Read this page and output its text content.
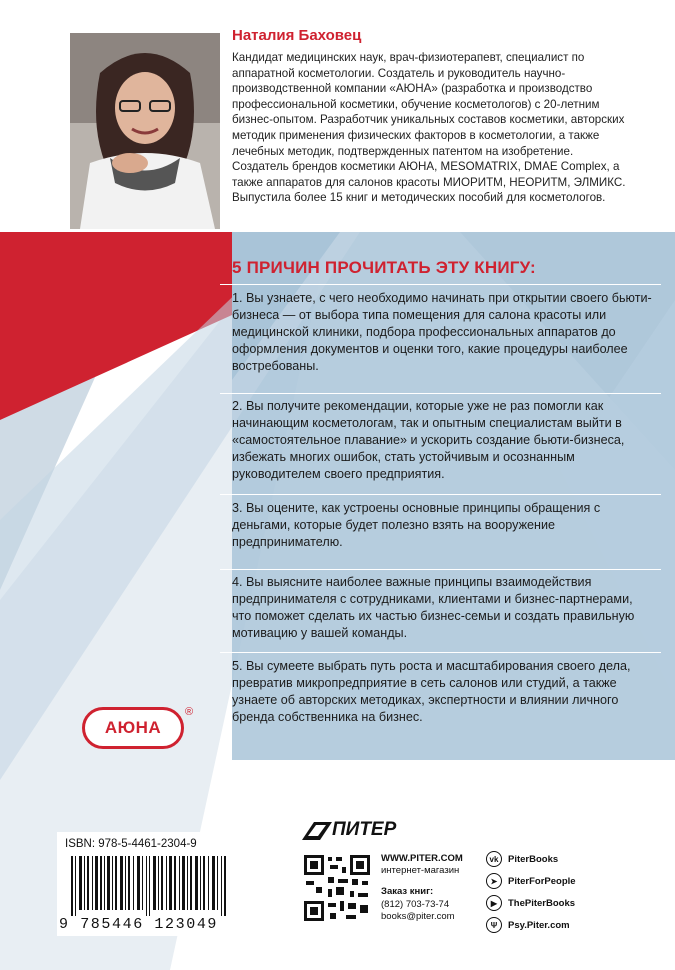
Наталия Баховец
Кандидат медицинских наук, врач-физиотерапевт, специалист по аппаратной косметологии. Создатель и руководитель научно-производственной компании «АЮНА» (разработка и производство профессиональной косметики, обучение косметологов) с 20-летним бизнес-опытом. Разработчик уникальных составов косметики, авторских методик применения физических факторов в косметологии, а также лечебных методик, подтвержденных патентом на изобретение. Создатель брендов косметики АЮНА, MESOMATRIX, DMAE Complex, а также аппаратов для салонов красоты МИОРИТМ, НЕОРИТМ, ЭЛМИКС. Выпустила более 15 книг и методических пособий для косметологов.
5 ПРИЧИН ПРОЧИТАТЬ ЭТУ КНИГУ:
1. Вы узнаете, с чего необходимо начинать при открытии своего бьюти-бизнеса — от выбора типа помещения для салона красоты или медицинской клиники, подбора профессиональных аппаратов до оформления документов и оценки того, какие процедуры наиболее востребованы.
2. Вы получите рекомендации, которые уже не раз помогли как начинающим косметологам, так и опытным специалистам выйти в «самостоятельное плавание» и ускорить создание бьюти-бизнеса, избежать многих ошибок, стать устойчивым и осознанным руководителем своего предприятия.
3. Вы оцените, как устроены основные принципы обращения с деньгами, которые будет полезно взять на вооружение предпринимателю.
4. Вы выясните наиболее важные принципы взаимодействия предпринимателя с сотрудниками, клиентами и бизнес-партнерами, что поможет сделать их частью бизнес-семьи и создать правильную мотивацию у вашей команды.
5. Вы сумеете выбрать путь роста и масштабирования своего дела, превратив микропредприятие в сеть салонов или студий, а также узнаете об авторских методиках, экспертности и влиянии личного бренда собственника на бизнес.
АЮНА
®
ISBN: 978-5-4461-2304-9
9 785446 123049
ПИТЕР
WWW.PITER.COM
интернет-магазин
Заказ книг:
(812) 703-73-74
books@piter.com
vk	PiterBooks
➤	PiterForPeople
▶	ThePiterBooks
Ψ	Psy.Piter.com
